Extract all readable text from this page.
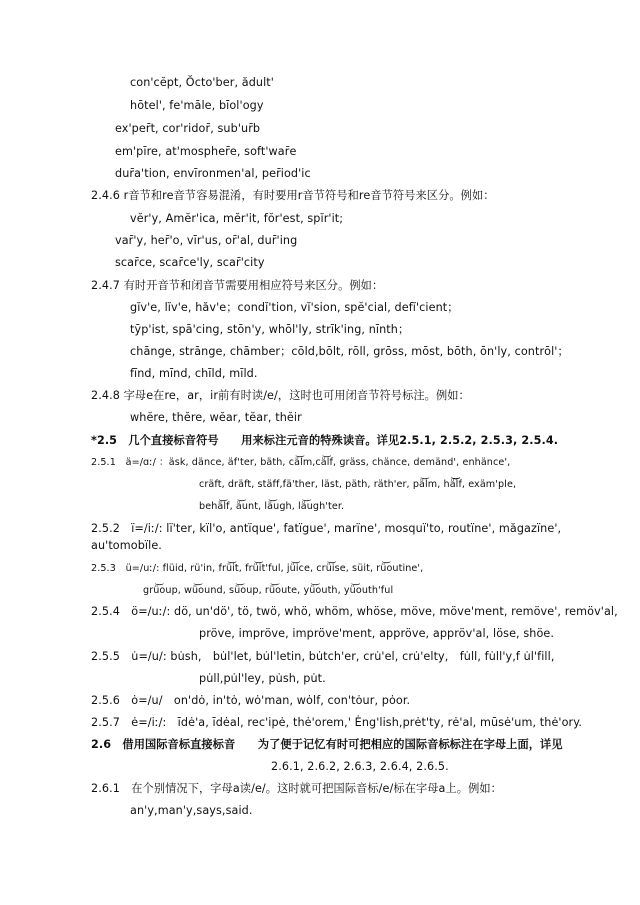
con'cĕpt, Ŏcto'ber, ădult'
hōtel', fe'māle, bīol'ogy
ex'per̄t, cor'ridor̄, sub'ur̄b
em'pīre, at'mospher̄e, soft'war̄e
dur̄a'tion, envīronmen'al, per̄iod'ic
2.4.6 r音节和re音节容易混淆，有时要用r音节符号和re音节符号来区分。例如：
vĕr'y, Amĕr'ica, mĕr'it, fŏr'est, spĭr'it;
var̄'y, her̄'o, vīr'us, or̄'al, dur̄'ing
scar̄ce, scar̄ce'ly, scar̄'city
2.4.7 有时开音节和闭音节需要用相应符号来区分。例如：
gĭv'e, lĭv'e, hăv'e；condĭ'tion, vĭ'sion, spĕ'cial, defĭ'cient；
tȳp'ist, spā'cing, stōn'y, whōl'ly, strīk'ing, nīnth；
chānge, strānge, chāmber；cōld,bōlt, rōll, grōss, mōst, bōth, ōn'ly, contrōl'；
fīnd, mīnd, chīld, mīld.
2.4.8 字母e在re，ar，ir前有时读/e/，这时也可用闭音节符号标注。例如：
whĕre, thĕre, wĕar, tĕar, thĕir
*2.5　几个直接标音符号　　用来标注元音的特殊读音。详见2.5.1, 2.5.2, 2.5.3, 2.5.4.
2.5.1　ä=/ɑː/ ：äsk, dänce, äf'ter, bäth, cä͝lm,cä͝lf, gräss, chänce, demänd', enhänce',
cräft, dräft, stäff,fä'ther, läst, päth, räth'er, pä͝lm, hä͝͝͝lf, exäm'ple,
behä͝lf, ä͝unt, lä͝ugh, lä͝ugh'ter.
2.5.2　ï=/iː/: lï'ter, kïl'o, antïque', fatïgue', marïne', mosquï'to, routïne', măgazïne',
au'tomobïle.
2.5.3　ü=/uː/: flüid, rü'in, frü͝it, frü͝it'ful, jü͝ice, crü͝ise, süit, rü͝outine',
grü͝oup, wü͝ound, sü͝oup, rü͝oute, yü͝outh, yü͝outh'ful
2.5.4　ö=/uː/: dö, un'dö', tö, twö, whö, whöm, whöse, möve, möve'ment, remöve', remöv'al,
pröve, impröve, impröve'ment, appröve, appröv'al, löse, shöe.
2.5.5　u̇=/u/: bu̇sh,　bu̇l'let, bu̇l'letin, bu̇tch'er, cru̇'el, cru̇'elty,　fu̇ll, fu̇ll'y,f u̇l'fill,
pu̇ll,pu̇l'ley, pu̇sh, pu̇t.
2.5.6　ȯ=/u/　on'dȯ, in'tȯ, wȯ'man, wȯlf, con'tȯur, pȯor.
2.5.7　ė=/iː/:　īdė'a, īdėal, rec'ipė, thė'orem,' Ėng'lish,prėt'ty, rė'al, mūsė'um, thė'ory.
2.6　借用国际音标直接标音　　为了便于记忆有时可把相应的国际音标标注在字母上面，详见
2.6.1, 2.6.2, 2.6.3, 2.6.4, 2.6.5.
2.6.1　在个别情况下，字母a读/e/。这时就可把国际音标/e/标在字母a上。例如：
an'y,man'y,says,said.
